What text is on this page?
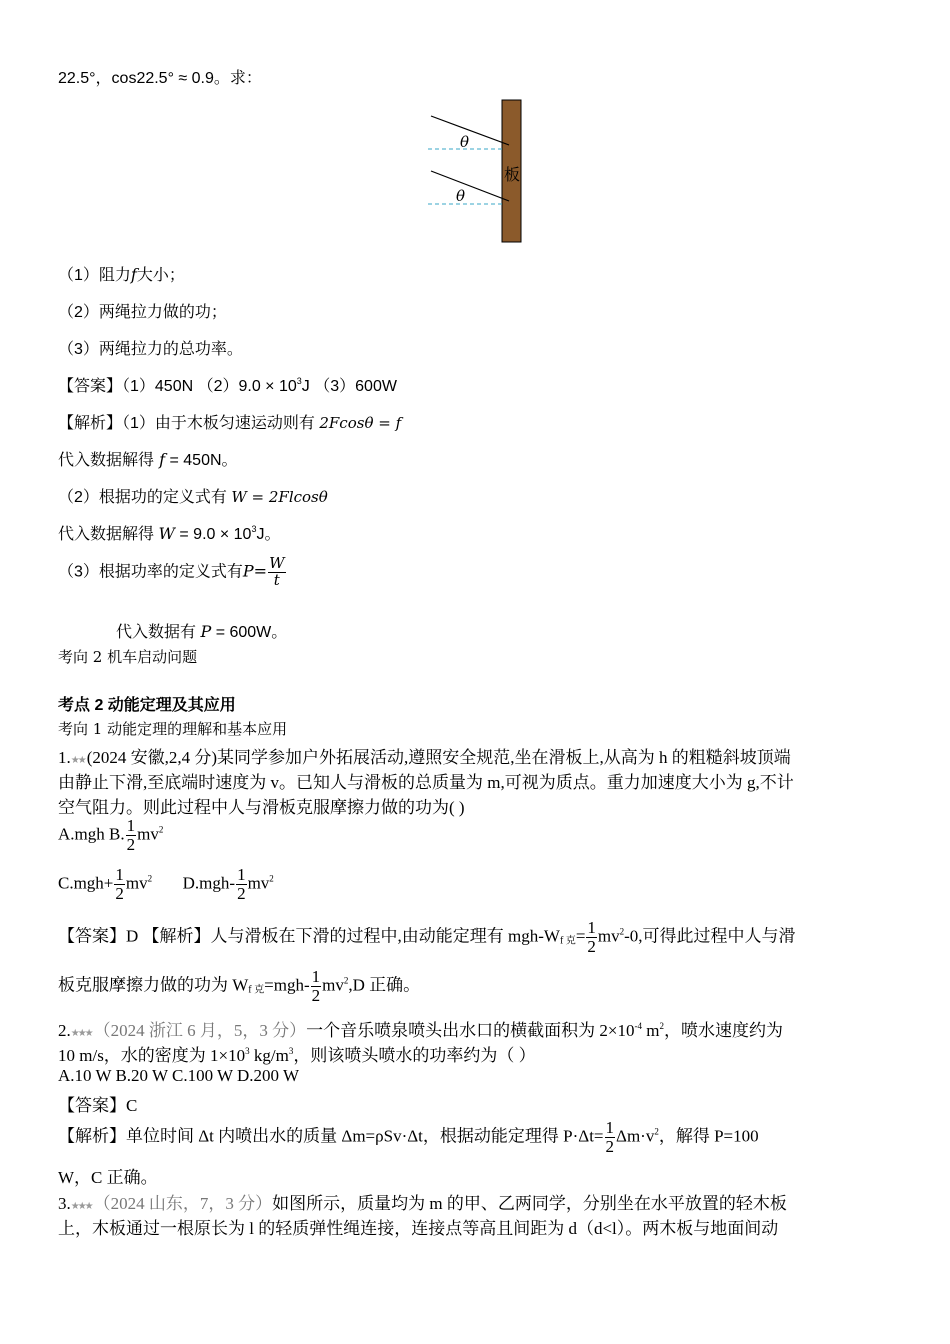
22.5°，cos22.5° ≈ 0.9。求：
θ
θ
板
（1）阻力f大小；
（2）两绳拉力做的功；
（3）两绳拉力的总功率。
【答案】（1）450N $(2)9.0 \times 10^3J$ （3）600W
【解析】（1）由于木板匀速运动则有 2Fcosθ = f
代入数据解得 f = 450N。
（2）根据功的定义式有 W = 2Flcosθ
代入数据解得 $W = 9.0 \times 10^3J$。
（3）根据功率的定义式有$P= \frac{W}{t}$
代入数据有 P = 600W。
考向 2 机车启动问题
考点 2 动能定理及其应用
考向 1 动能定理的理解和基本应用
1.★★ (2024 安徽,2,4 分)某同学参加户外拓展活动,遵照安全规范,坐在滑板上,从高为 h 的粗糙斜坡顶端
由静止下滑,至底端时速度为 v。已知人与滑板的总质量为 m,可视为质点。重力加速度大小为 g,不计
空气阻力。则此过程中人与滑板克服摩擦力做的功为( )
A.mgh B. $\frac{1}{2} mv^2$
$C.mgh+ \frac{1}{2} mv^2$ $D.mgh- \frac{1}{2} mv^2$
【答案】D 【解析】人与滑板在下滑的过程中,由动能定理有 mgh-$W_{f 克}= \frac{1}{2} mv^2-0$,可得此过程中人与滑
板克服摩擦力做的功为 $W_{f 克}=mgh- \frac{1}{2} mv^2,D$ 正确。
2.★★★ （2024 浙江 6 月，5，3 分）一个音乐喷泉喷头出水口的横截面积为 $2\times 10^{-4}$ $m^2$，喷水速度约为
10 m/s，水的密度为 $1\times 10^3$ $kg/m^3$，则该喷头喷水的功率约为（ ）
A.10 W B.20 W C.100 W D.200 W
【答案】C
【解析】单位时间 Δt 内喷出水的质量 Δm=ρSv·Δt，根据动能定理得 $P\cdot\Delta t= \frac{1}{2} \Delta m\cdot v^2$，解得 P=100
W，C 正确。
3.★★★ （2024 山东，7，3 分）如图所示，质量均为 m 的甲、乙两同学，分别坐在水平放置的轻木板
上，木板通过一根原长为 l 的轻质弹性绳连接，连接点等高且间距为 d（d<l）。两木板与地面间动
